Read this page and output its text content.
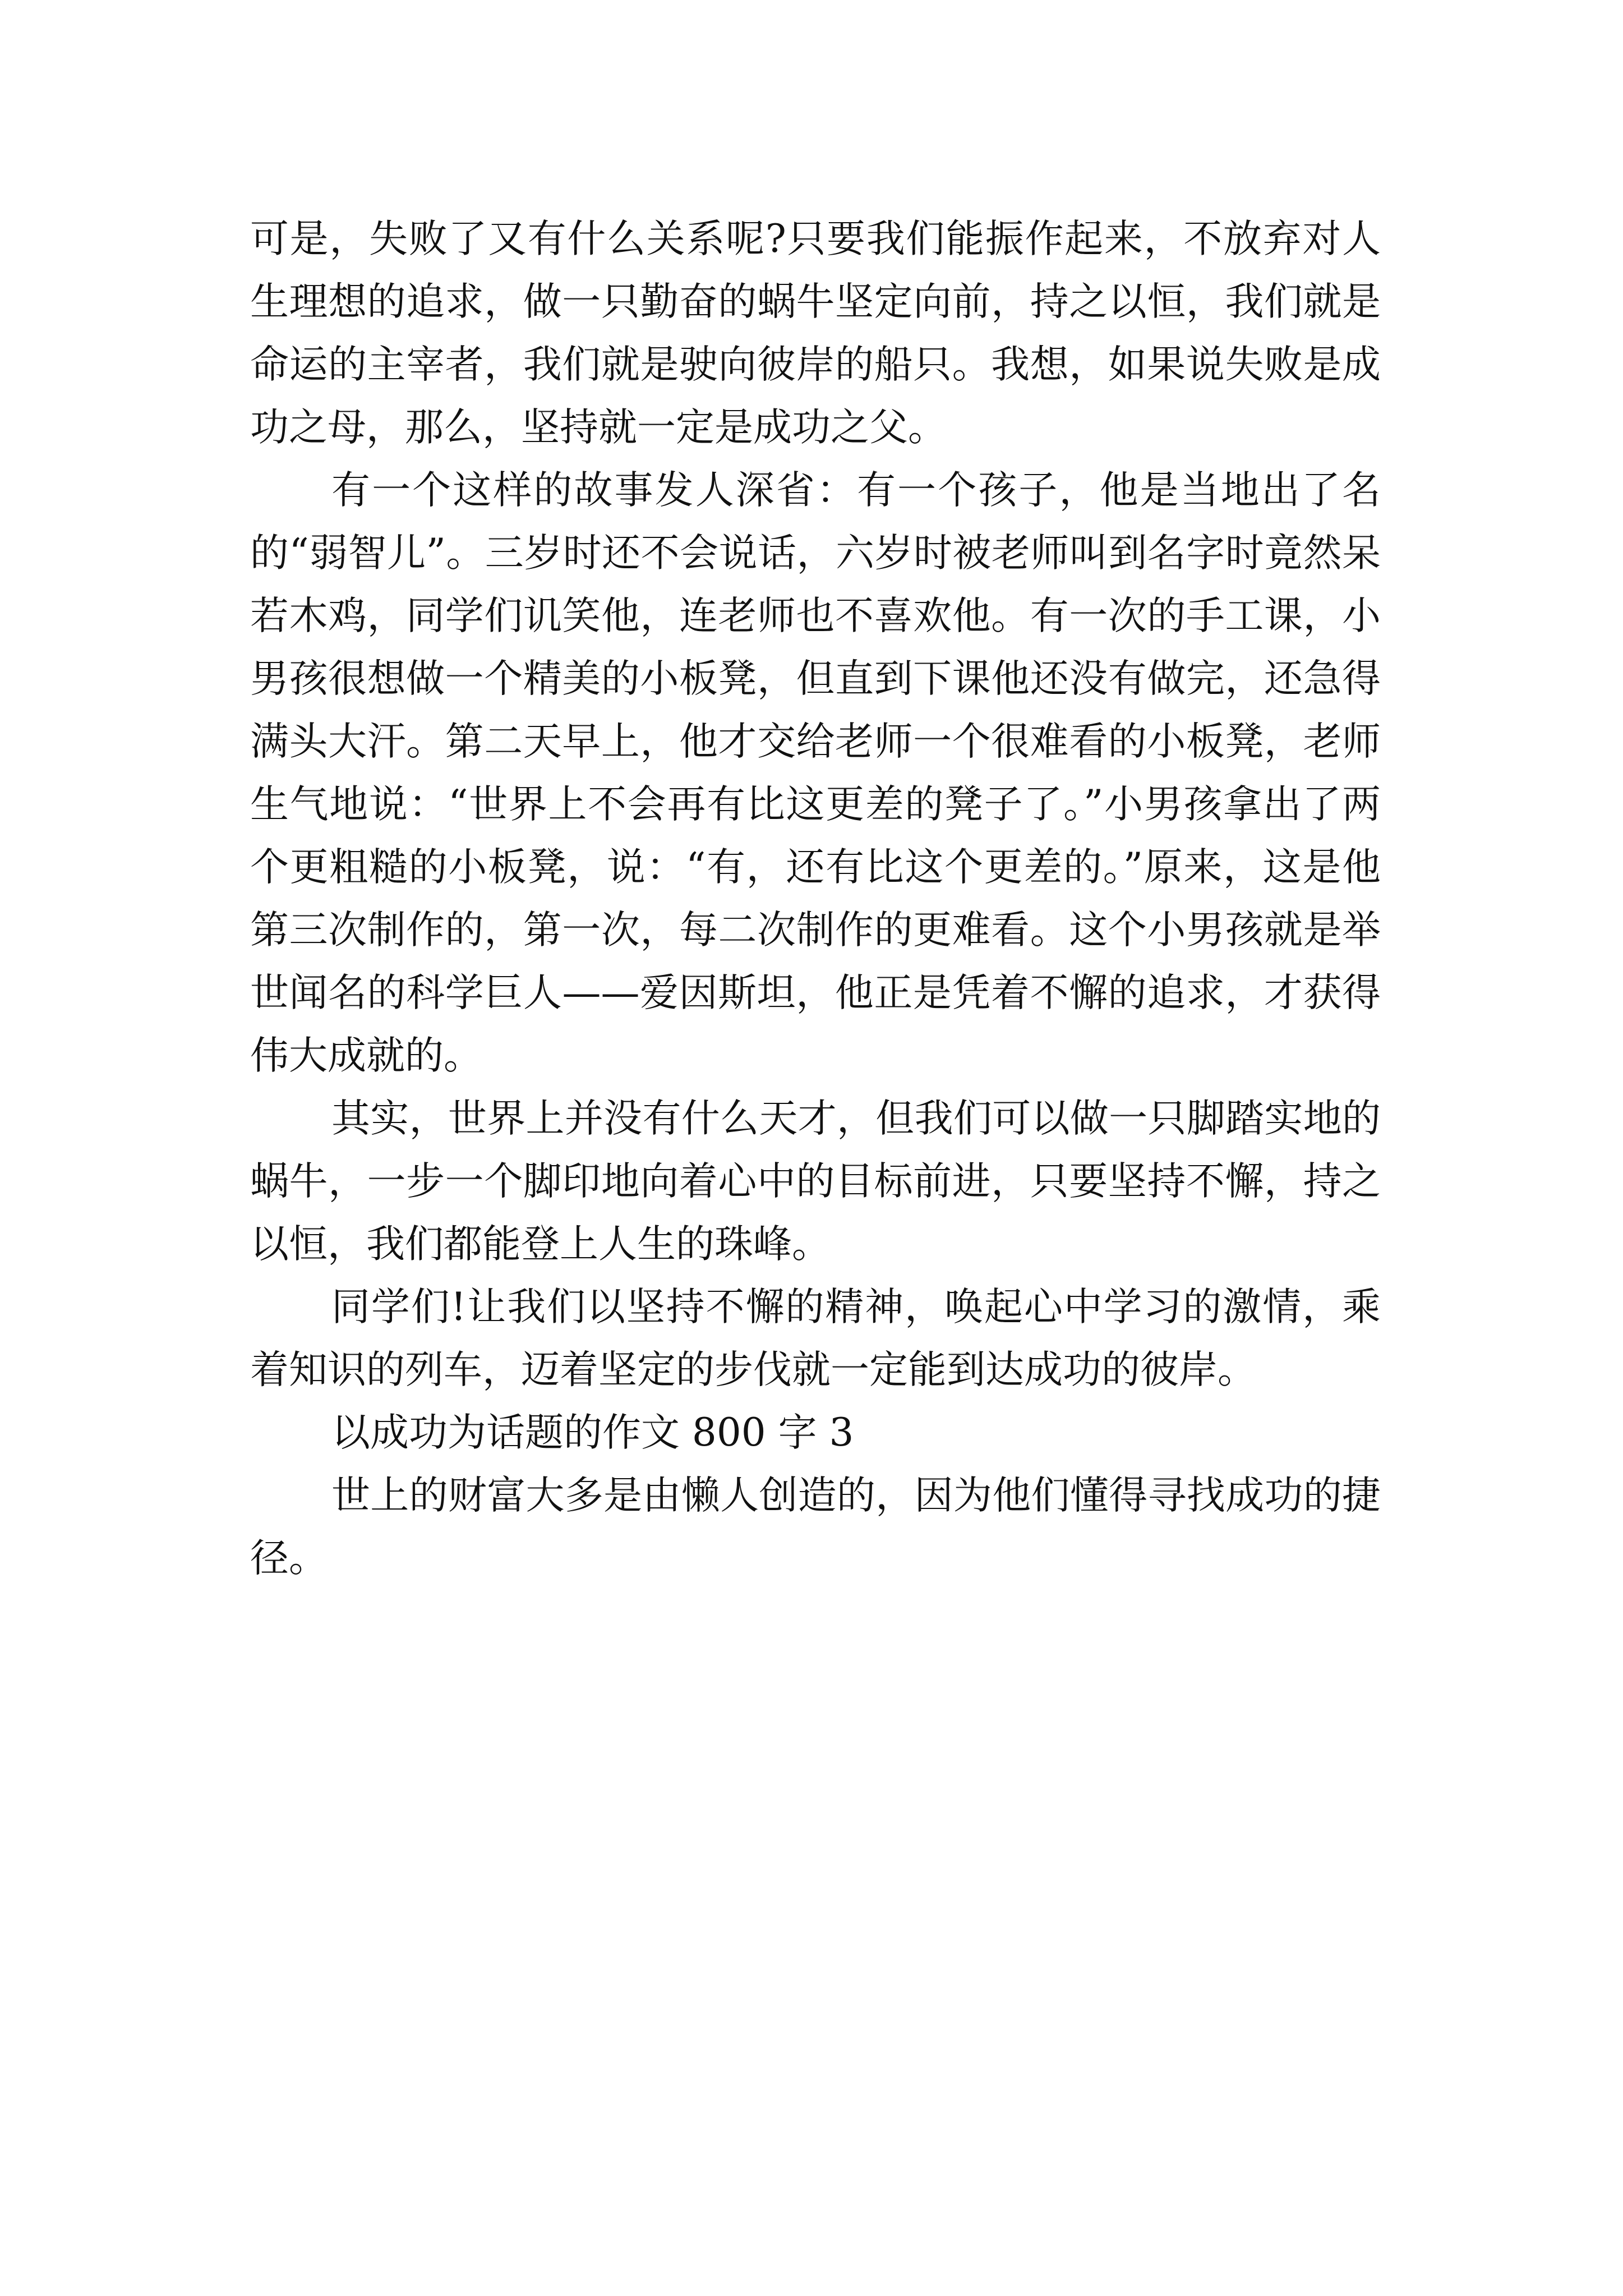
可是，失败了又有什么关系呢?只要我们能振作起来，不放弃对人生理想的追求，做一只勤奋的蜗牛坚定向前，持之以恒，我们就是命运的主宰者，我们就是驶向彼岸的船只。我想，如果说失败是成功之母，那么，坚持就一定是成功之父。

有一个这样的故事发人深省：有一个孩子，他是当地出了名的“弱智儿”。三岁时还不会说话，六岁时被老师叫到名字时竟然呆若木鸡，同学们讥笑他，连老师也不喜欢他。有一次的手工课，小男孩很想做一个精美的小板凳，但直到下课他还没有做完，还急得满头大汗。第二天早上，他才交给老师一个很难看的小板凳，老师生气地说：“世界上不会再有比这更差的凳子了。”小男孩拿出了两个更粗糙的小板凳，说：“有，还有比这个更差的。”原来，这是他第三次制作的，第一次，每二次制作的更难看。这个小男孩就是举世闻名的科学巨人——爱因斯坦，他正是凭着不懈的追求，才获得伟大成就的。

其实，世界上并没有什么天才，但我们可以做一只脚踏实地的蜗牛，一步一个脚印地向着心中的目标前进，只要坚持不懈，持之以恒，我们都能登上人生的珠峰。

同学们!让我们以坚持不懈的精神，唤起心中学习的激情，乘着知识的列车，迈着坚定的步伐就一定能到达成功的彼岸。

以成功为话题的作文 800 字 3

世上的财富大多是由懒人创造的，因为他们懂得寻找成功的捷径。
